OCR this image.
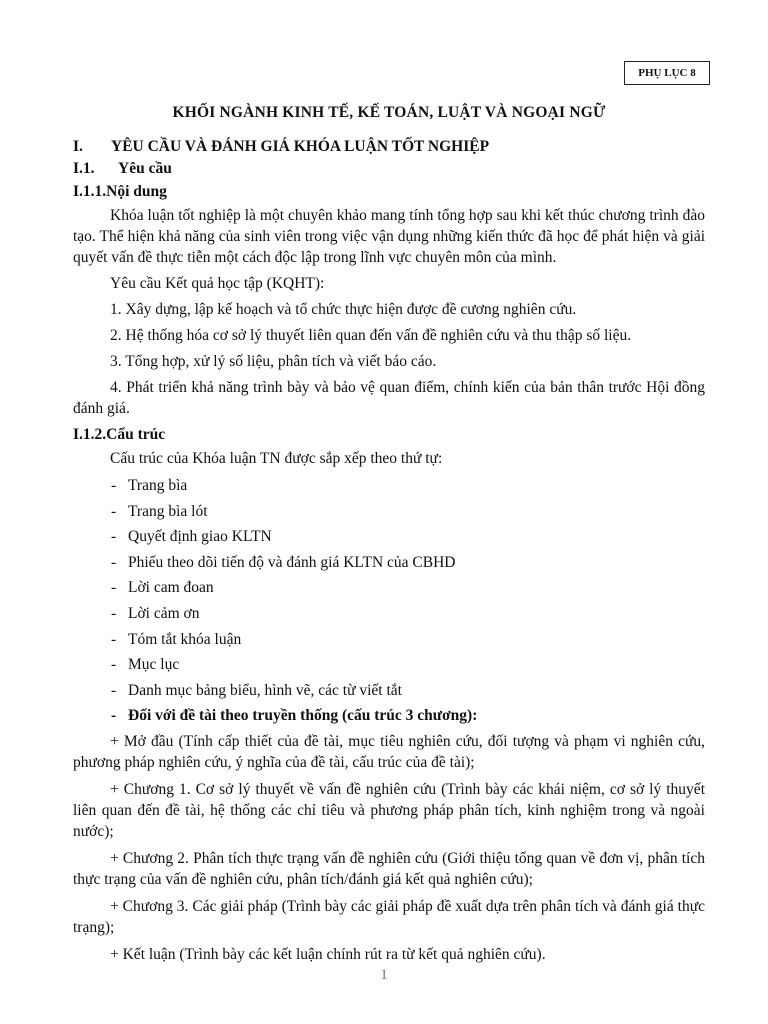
PHỤ LỤC 8
KHỐI NGÀNH KINH TẾ, KẾ TOÁN, LUẬT VÀ NGOẠI NGỮ
I.	YÊU CẦU VÀ ĐÁNH GIÁ KHÓA LUẬN TỐT NGHIỆP
I.1.	Yêu cầu
I.1.1.Nội dung

Khóa luận tốt nghiệp là một chuyên khảo mang tính tổng hợp sau khi kết thúc chương trình đào tạo. Thể hiện khả năng của sinh viên trong việc vận dụng những kiến thức đã học để phát hiện và giải quyết vấn đề thực tiễn một cách độc lập trong lĩnh vực chuyên môn của mình.

Yêu cầu Kết quả học tập (KQHT):

1. Xây dựng, lập kế hoạch và tổ chức thực hiện được đề cương nghiên cứu.

2. Hệ thống hóa cơ sở lý thuyết liên quan đến vấn đề nghiên cứu và thu thập số liệu.

3. Tổng hợp, xử lý số liệu, phân tích và viết báo cáo.

4. Phát triển khả năng trình bày và bảo vệ quan điểm, chính kiến của bản thân trước Hội đồng đánh giá.

I.1.2.Cấu trúc

Cấu trúc của Khóa luận TN được sắp xếp theo thứ tự:

- Trang bìa
- Trang bìa lót
- Quyết định giao KLTN
- Phiếu theo dõi tiến độ và đánh giá KLTN của CBHD
- Lời cam đoan
- Lời cảm ơn
- Tóm tắt khóa luận
- Mục lục
- Danh mục bảng biểu, hình vẽ, các từ viết tắt
- Đối với đề tài theo truyền thống (cấu trúc 3 chương):

+ Mở đầu (Tính cấp thiết của đề tài, mục tiêu nghiên cứu, đối tượng và phạm vi nghiên cứu, phương pháp nghiên cứu, ý nghĩa của đề tài, cấu trúc của đề tài);

+ Chương 1. Cơ sở lý thuyết về vấn đề nghiên cứu (Trình bày các khái niệm, cơ sở lý thuyết liên quan đến đề tài, hệ thống các chỉ tiêu và phương pháp phân tích, kinh nghiệm trong và ngoài nước);

+ Chương 2. Phân tích thực trạng vấn đề nghiên cứu (Giới thiệu tổng quan về đơn vị, phân tích thực trạng của vấn đề nghiên cứu, phân tích/đánh giá kết quả nghiên cứu);

+ Chương 3. Các giải pháp (Trình bày các giải pháp đề xuất dựa trên phân tích và đánh giá thực trạng);

+ Kết luận (Trình bày các kết luận chính rút ra từ kết quả nghiên cứu).

1
